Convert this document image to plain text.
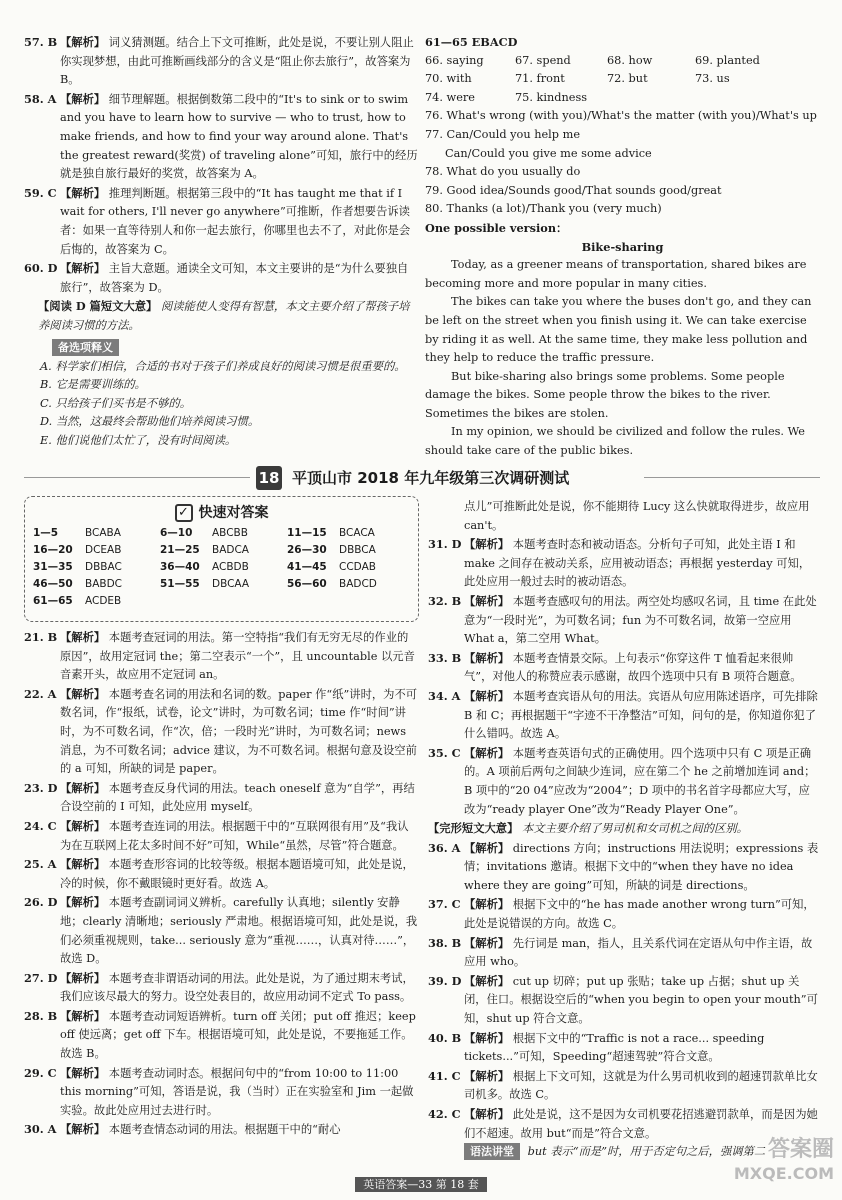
57. B 【解析】 词义猜测题。结合上下文可推断，此处是说，不要让别人阻止你实现梦想，由此可推断画线部分的含义是“阻止你去旅行”，故答案为 B。
58. A 【解析】 细节理解题。根据倒数第二段中的“It's to sink or to swim and you have to learn how to survive — who to trust, how to make friends, and how to find your way around alone. That's the greatest reward(奖赏) of traveling alone”可知，旅行中的经历就是独自旅行最好的奖赏，故答案为 A。
59. C 【解析】 推理判断题。根据第三段中的“It has taught me that if I wait for others, I'll never go anywhere”可推断，作者想要告诉读者：如果一直等待别人和你一起去旅行，你哪里也去不了，对此你是会后悔的，故答案为 C。
60. D 【解析】 主旨大意题。通读全文可知，本文主要讲的是“为什么要独自旅行”，故答案为 D。
【阅读 D 篇短文大意】 阅读能使人变得有智慧，本文主要介绍了帮孩子培养阅读习惯的方法。
备选项释义
A. 科学家们相信，合适的书对于孩子们养成良好的阅读习惯是很重要的。
B. 它是需要训练的。
C. 只给孩子们买书是不够的。
D. 当然，这最终会帮助他们培养阅读习惯。
E. 他们说他们太忙了，没有时间阅读。
61—65 EBACD
66. saying	67. spend	68. how	69. planted
70. with	71. front	72. but	73. us
74. were	75. kindness
76. What's wrong (with you)/What's the matter (with you)/What's up
77. Can/Could you help me
Can/Could you give me some advice
78. What do you usually do
79. Good idea/Sounds good/That sounds good/great
80. Thanks (a lot)/Thank you (very much)
One possible version：
Bike-sharing

Today, as a greener means of transportation, shared bikes are becoming more and more popular in many cities.

The bikes can take you where the buses don't go, and they can be left on the street when you finish using it. We can take exercise by riding it as well. At the same time, they make less pollution and they help to reduce the traffic pressure.

But bike-sharing also brings some problems. Some people damage the bikes. Some people throw the bikes to the river. Sometimes the bikes are stolen.

In my opinion, we should be civilized and follow the rules. We should take care of the public bikes.

18 平顶山市 2018 年九年级第三次调研测试
✓ 快速对答案
1—5	BCABA	6—10 ABCBB	11—15 BCACA
16—20 DCEAB	21—25 BADCA	26—30 DBBCA
31—35 DBBAC	36—40 ACBDB	41—45 CCDAB
46—50 BABDC	51—55 DBCAA	56—60 BADCD
61—65 ACDEB
21. B 【解析】 本题考查冠词的用法。第一空特指“我们有无穷无尽的作业的原因”，故用定冠词 the；第二空表示“一个”，且 uncountable 以元音音素开头，故应用不定冠词 an。
22. A 【解析】 本题考查名词的用法和名词的数。paper 作“纸”讲时，为不可数名词，作“报纸，试卷，论文”讲时，为可数名词；time 作“时间”讲时，为不可数名词，作“次，倍；一段时光”讲时，为可数名词；news 消息，为不可数名词；advice 建议，为不可数名词。根据句意及设空前的 a 可知，所缺的词是 paper。
23. D 【解析】 本题考查反身代词的用法。teach oneself 意为“自学”，再结合设空前的 I 可知，此处应用 myself。
24. C 【解析】 本题考查连词的用法。根据题干中的“互联网很有用”及“我认为在互联网上花太多时间不好”可知，While“虽然，尽管”符合题意。
25. A 【解析】 本题考查形容词的比较等级。根据本题语境可知，此处是说，冷的时候，你不戴眼镜时更好看。故选 A。
26. D 【解析】 本题考查副词词义辨析。carefully 认真地；silently 安静地；clearly 清晰地；seriously 严肃地。根据语境可知，此处是说，我们必须重视规则，take... seriously 意为“重视……，认真对待……”，故选 D。
27. D 【解析】 本题考查非谓语动词的用法。此处是说，为了通过期末考试，我们应该尽最大的努力。设空处表目的，故应用动词不定式 To pass。
28. B 【解析】 本题考查动词短语辨析。turn off 关闭；put off 推迟；keep off 使远离；get off 下车。根据语境可知，此处是说，不要拖延工作。故选 B。
29. C 【解析】 本题考查动词时态。根据问句中的“from 10:00 to 11:00 this morning”可知，答语是说，我（当时）正在实验室和 Jim 一起做实验。故此处应用过去进行时。
30. A 【解析】 本题考查情态动词的用法。根据题干中的“耐心
点儿”可推断此处是说，你不能期待 Lucy 这么快就取得进步，故应用 can't。
31. D 【解析】 本题考查时态和被动语态。分析句子可知，此处主语 I 和 make 之间存在被动关系，应用被动语态；再根据 yesterday 可知，此处应用一般过去时的被动语态。
32. B 【解析】 本题考查感叹句的用法。两空处均感叹名词，且 time 在此处意为“一段时光”，为可数名词；fun 为不可数名词，故第一空应用 What a，第二空用 What。
33. B 【解析】 本题考查情景交际。上句表示“你穿这件 T 恤看起来很帅气”，对他人的称赞应表示感谢，故四个选项中只有 B 项符合题意。
34. A 【解析】 本题考查宾语从句的用法。宾语从句应用陈述语序，可先排除 B 和 C；再根据题干“字迹不干净整洁”可知，问句的是，你知道你犯了什么错吗。故选 A。
35. C 【解析】 本题考查英语句式的正确使用。四个选项中只有 C 项是正确的。A 项前后两句之间缺少连词，应在第二个 he 之前增加连词 and；B 项中的“20 04”应改为“2004”；D 项中的书名首字母都应大写，应改为“ready player One”改为“Ready Player One”。
【完形短文大意】 本文主要介绍了男司机和女司机之间的区别。
36. A 【解析】 directions 方向；instructions 用法说明；expressions 表情；invitations 邀请。根据下文中的“when they have no idea where they are going”可知，所缺的词是 directions。
37. C 【解析】 根据下文中的“he has made another wrong turn”可知，此处是说错误的方向。故选 C。
38. B 【解析】 先行词是 man，指人，且关系代词在定语从句中作主语，故应用 who。
39. D 【解析】 cut up 切碎；put up 张贴；take up 占据；shut up 关闭，住口。根据设空后的“when you begin to open your mouth”可知，shut up 符合文意。
40. B 【解析】 根据下文中的“Traffic is not a race... speeding tickets...”可知，Speeding“超速驾驶”符合文意。
41. C 【解析】 根据上下文可知，这就是为什么男司机收到的超速罚款单比女司机多。故选 C。
42. C 【解析】 此处是说，这不是因为女司机要花招逃避罚款单，而是因为她们不超速。故用 but“而是”符合文意。
语法讲堂 but 表示“而是”时，用于否定句之后，强调第二
英语答案—33 第 18 套
答案圈
MXQE.COM
